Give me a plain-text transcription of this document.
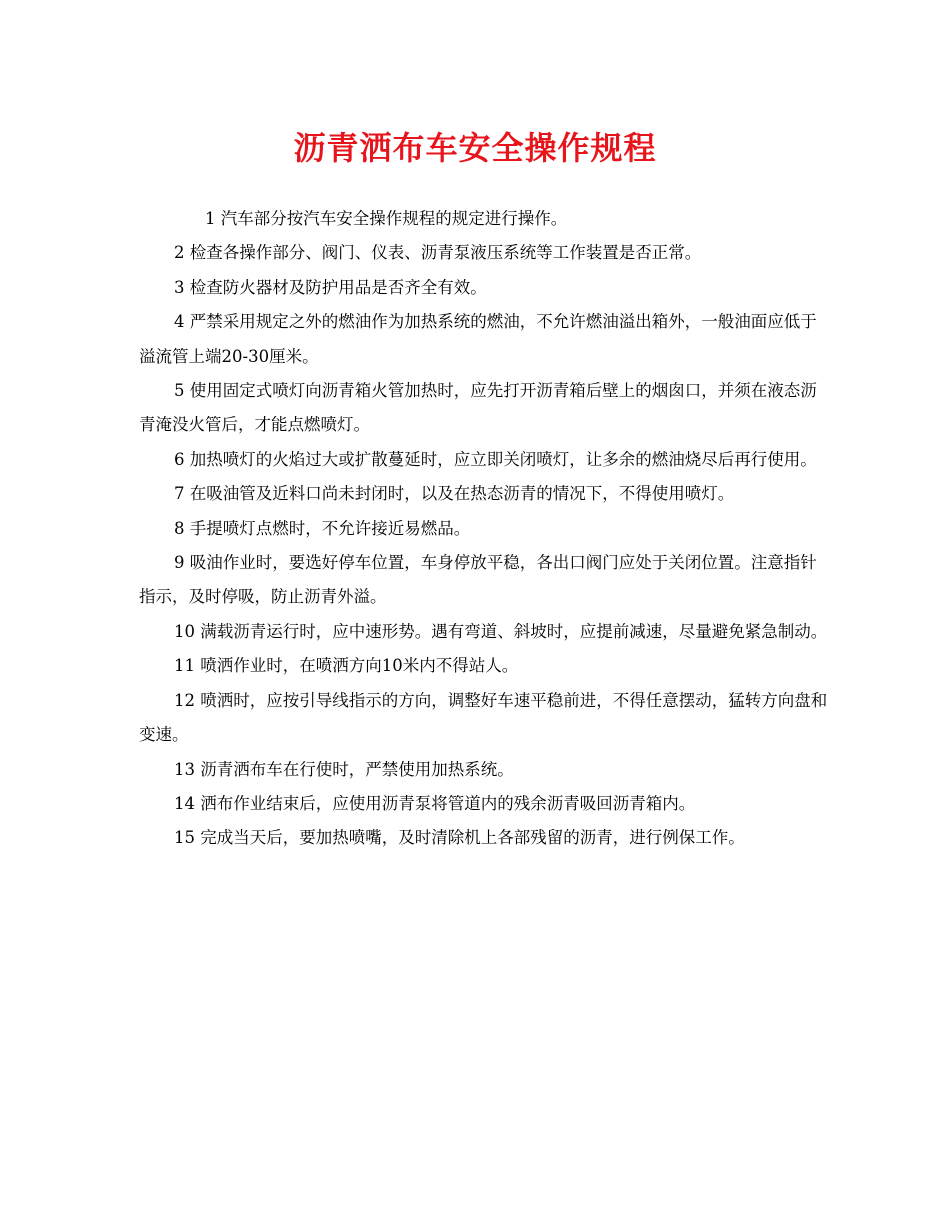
沥青洒布车安全操作规程

1 汽车部分按汽车安全操作规程的规定进行操作。

2 检查各操作部分、阀门、仪表、沥青泵液压系统等工作装置是否正常。

3 检查防火器材及防护用品是否齐全有效。

4 严禁采用规定之外的燃油作为加热系统的燃油，不允许燃油溢出箱外，一般油面应低于溢流管上端20-30厘米。

5 使用固定式喷灯向沥青箱火管加热时，应先打开沥青箱后壁上的烟囱口，并须在液态沥青淹没火管后，才能点燃喷灯。

6 加热喷灯的火焰过大或扩散蔓延时，应立即关闭喷灯，让多余的燃油烧尽后再行使用。

7 在吸油管及近料口尚未封闭时，以及在热态沥青的情况下，不得使用喷灯。

8 手提喷灯点燃时，不允许接近易燃品。

9 吸油作业时，要选好停车位置，车身停放平稳，各出口阀门应处于关闭位置。注意指针指示，及时停吸，防止沥青外溢。

10 满载沥青运行时，应中速形势。遇有弯道、斜坡时，应提前减速，尽量避免紧急制动。

11 喷洒作业时，在喷洒方向10米内不得站人。

12 喷洒时，应按引导线指示的方向，调整好车速平稳前进，不得任意摆动，猛转方向盘和变速。

13 沥青洒布车在行使时，严禁使用加热系统。

14 洒布作业结束后，应使用沥青泵将管道内的残余沥青吸回沥青箱内。

15 完成当天后，要加热喷嘴，及时清除机上各部残留的沥青，进行例保工作。
